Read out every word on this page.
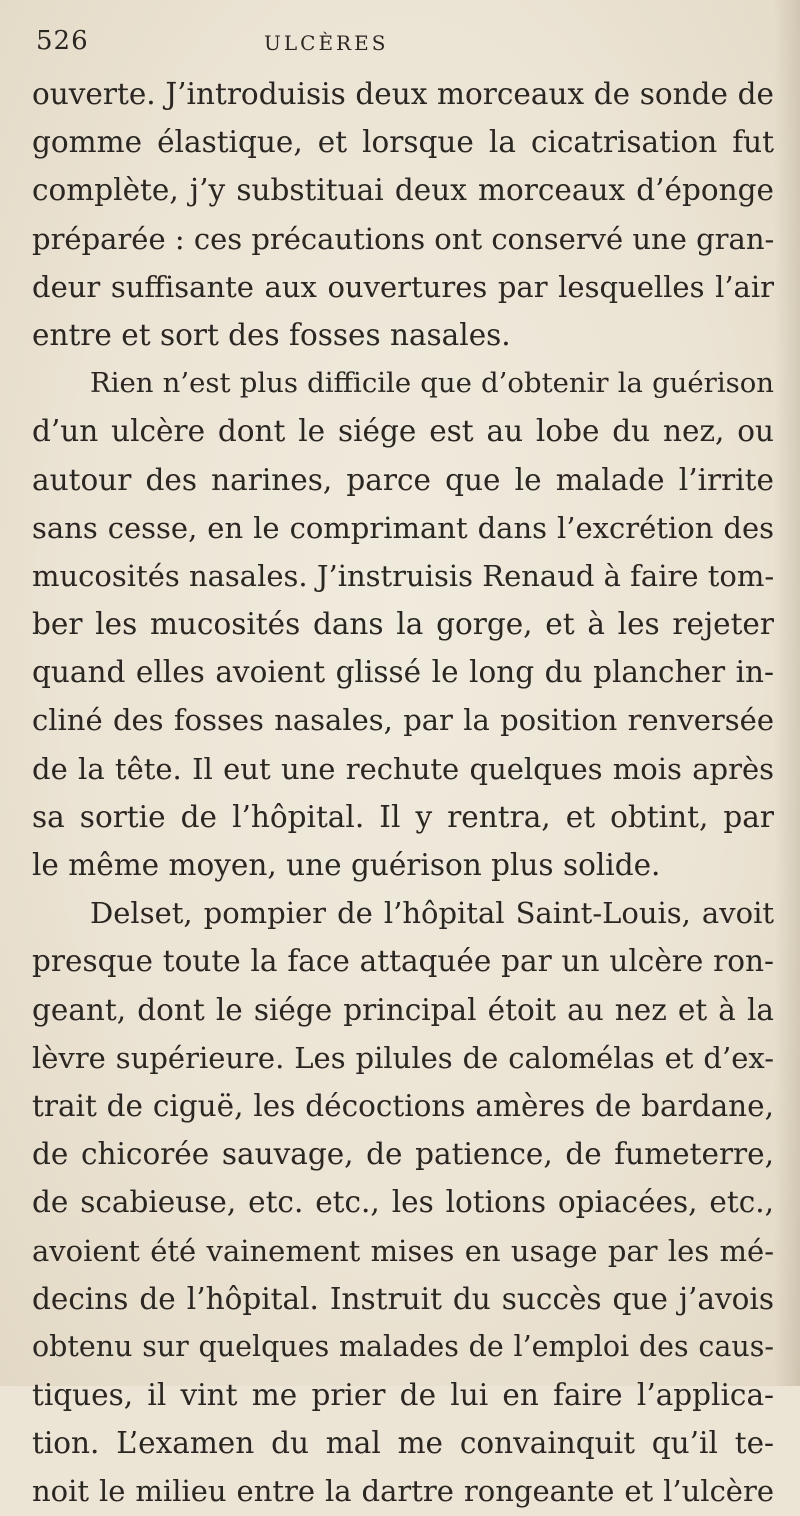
526	ULCÈRES
ouverte. J’introduisis deux morceaux de sonde de
gomme élastique, et lorsque la cicatrisation fut
complète, j’y substituai deux morceaux d’éponge
préparée : ces précautions ont conservé une gran-
deur suffisante aux ouvertures par lesquelles l’air
entre et sort des fosses nasales.
Rien n’est plus difficile que d’obtenir la guérison
d’un ulcère dont le siége est au lobe du nez, ou
autour des narines, parce que le malade l’irrite
sans cesse, en le comprimant dans l’excrétion des
mucosités nasales. J’instruisis Renaud à faire tom-
ber les mucosités dans la gorge, et à les rejeter
quand elles avoient glissé le long du plancher in-
cliné des fosses nasales, par la position renversée
de la tête. Il eut une rechute quelques mois après
sa sortie de l’hôpital. Il y rentra, et obtint, par
le même moyen, une guérison plus solide.
Delset, pompier de l’hôpital Saint-Louis, avoit
presque toute la face attaquée par un ulcère ron-
geant, dont le siége principal étoit au nez et à la
lèvre supérieure. Les pilules de calomélas et d’ex-
trait de ciguë, les décoctions amères de bardane,
de chicorée sauvage, de patience, de fumeterre,
de scabieuse, etc. etc., les lotions opiacées, etc.,
avoient été vainement mises en usage par les mé-
decins de l’hôpital. Instruit du succès que j’avois
obtenu sur quelques malades de l’emploi des caus-
tiques, il vint me prier de lui en faire l’applica-
tion. L’examen du mal me convainquit qu’il te-
noit le milieu entre la dartre rongeante et l’ulcère
